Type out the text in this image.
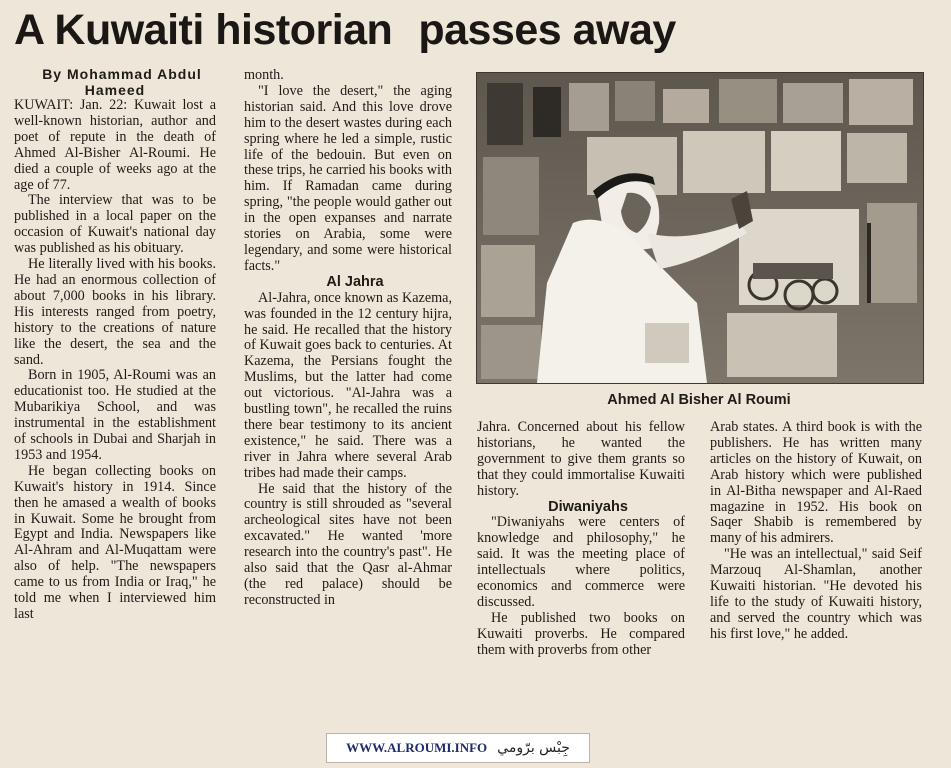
A Kuwaiti historian passes away

By Mohammad Abdul Hameed

KUWAIT: Jan. 22: Kuwait lost a well-known historian, author and poet of repute in the death of Ahmed Al-Bisher Al-Roumi. He died a couple of weeks ago at the age of 77.

The interview that was to be published in a local paper on the occasion of Kuwait's national day was published as his obituary.

He literally lived with his books. He had an enormous collection of about 7,000 books in his library. His interests ranged from poetry, history to the creations of nature like the desert, the sea and the sand.

Born in 1905, Al-Roumi was an educationist too. He studied at the Mubarikiya School, and was instrumental in the establishment of schools in Dubai and Sharjah in 1953 and 1954.

He began collecting books on Kuwait's history in 1914. Since then he amased a wealth of books in Kuwait. Some he brought from Egypt and India. Newspapers like Al-Ahram and Al-Muqattam were also of help. "The newspapers came to us from India or Iraq," he told me when I interviewed him last

month.

"I love the desert," the aging historian said. And this love drove him to the desert wastes during each spring where he led a simple, rustic life of the bedouin. But even on these trips, he carried his books with him. If Ramadan came during spring, "the people would gather out in the open expanses and narrate stories on Arabia, some were legendary, and some were historical facts."

Al Jahra

Al-Jahra, once known as Kazema, was founded in the 12 century hijra, he said. He recalled that the history of Kuwait goes back to centuries. At Kazema, the Persians fought the Muslims, but the latter had come out victorious. "Al-Jahra was a bustling town", he recalled the ruins there bear testimony to its ancient existence," he said. There was a river in Jahra where several Arab tribes had made their camps.

He said that the history of the country is still shrouded as "several archeological sites have not been excavated." He wanted 'more research into the country's past". He also said that the Qasr al-Ahmar (the red palace) should be reconstructed in

Ahmed Al Bisher Al Roumi

Jahra. Concerned about his fellow historians, he wanted the government to give them grants so that they could immortalise Kuwaiti history.

Diwaniyahs

"Diwaniyahs were centers of knowledge and philosophy," he said. It was the meeting place of intellectuals where politics, economics and commerce were discussed.

He published two books on Kuwaiti proverbs. He compared them with proverbs from other

Arab states. A third book is with the publishers. He has written many articles on the history of Kuwait, on Arab history which were published in Al-Bitha newspaper and Al-Raed magazine in 1952. His book on Saqer Shabib is remembered by many of his admirers.

"He was an intellectual," said Seif Marzouq Al-Shamlan, another Kuwaiti historian. "He devoted his life to the study of Kuwaiti history, and served the country which was his first love," he added.

WWW.ALROUMI.INFO جِبْس برّومي
